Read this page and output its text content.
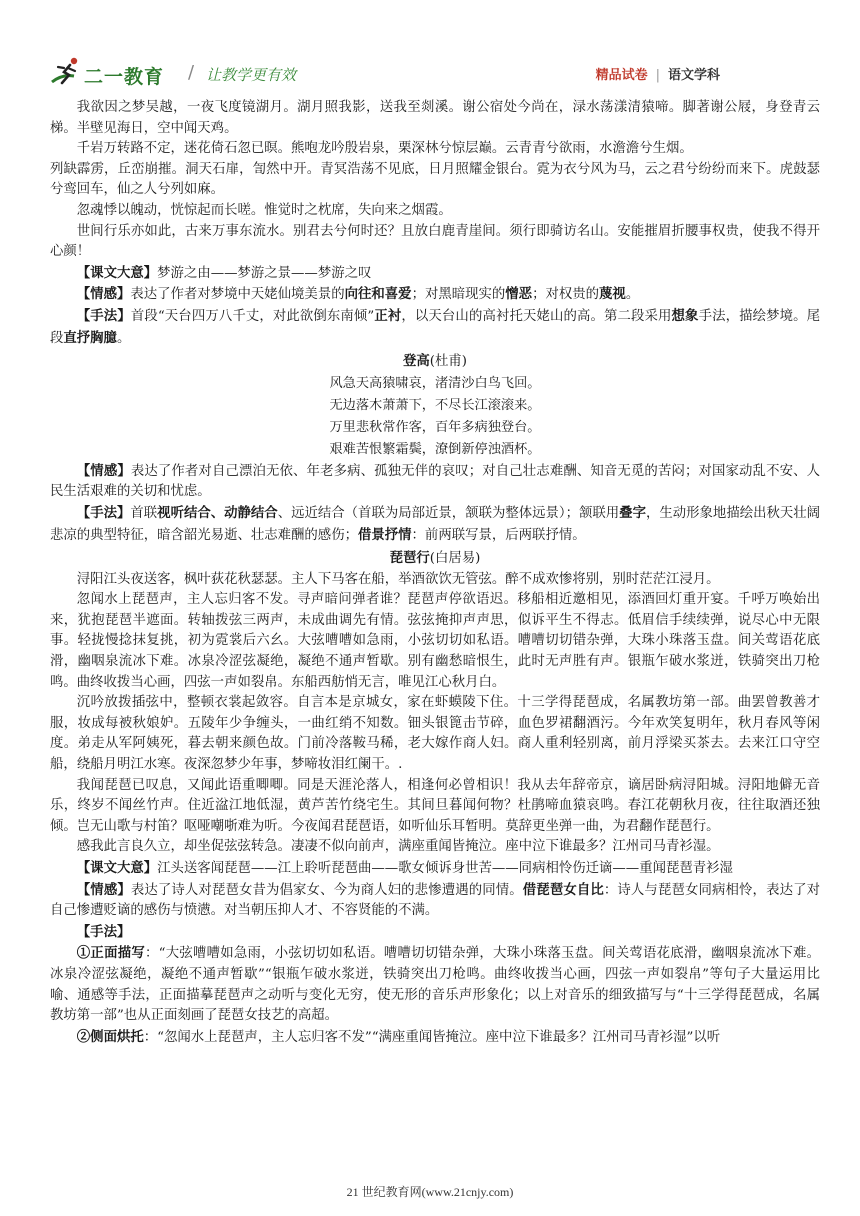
二一教育 / 让教学更有效	精品试卷 | 语文学科

我欲因之梦吴越，一夜飞度镜湖月。湖月照我影，送我至剡溪。谢公宿处今尚在，渌水荡漾清猿啼。脚著谢公屐，身登青云梯。半壁见海日，空中闻天鸡。

千岩万转路不定，迷花倚石忽已暝。熊咆龙吟殷岩泉，栗深林兮惊层巅。云青青兮欲雨，水澹澹兮生烟。

列缺霹雳，丘峦崩摧。洞天石扉，訇然中开。青冥浩荡不见底，日月照耀金银台。霓为衣兮风为马，云之君兮纷纷而来下。虎鼓瑟兮鸾回车，仙之人兮列如麻。

忽魂悸以魄动，恍惊起而长嗟。惟觉时之枕席，失向来之烟霞。

世间行乐亦如此，古来万事东流水。别君去兮何时还？且放白鹿青崖间。须行即骑访名山。安能摧眉折腰事权贵，使我不得开心颜！

【课文大意】梦游之由——梦游之景——梦游之叹

【情感】表达了作者对梦境中天姥仙境美景的向往和喜爱；对黑暗现实的憎恶；对权贵的蔑视。

【手法】首段“天台四万八千丈，对此欲倒东南倾”正衬，以天台山的高衬托天姥山的高。第二段采用想象手法，描绘梦境。尾段直抒胸臆。

登高(杜甫)

风急天高猿啸哀，渚清沙白鸟飞回。

无边落木萧萧下，不尽长江滚滚来。

万里悲秋常作客，百年多病独登台。

艰难苦恨繁霜鬓，潦倒新停浊酒杯。

【情感】表达了作者对自己漂泊无依、年老多病、孤独无伴的哀叹；对自己壮志难酬、知音无觅的苦闷；对国家动乱不安、人民生活艰难的关切和忧虑。

【手法】首联视听结合、动静结合、远近结合（首联为局部近景，颔联为整体远景）；颔联用叠字，生动形象地描绘出秋天壮阔悲凉的典型特征，暗含韶光易逝、壮志难酬的感伤；借景抒情：前两联写景，后两联抒情。

琵琶行(白居易)

浔阳江头夜送客，枫叶荻花秋瑟瑟。主人下马客在船，举酒欲饮无管弦。醉不成欢惨将别，别时茫茫江浸月。

忽闻水上琵琶声，主人忘归客不发。寻声暗问弹者谁？琵琶声停欲语迟。移船相近邀相见，添酒回灯重开宴。千呼万唤始出来，犹抱琵琶半遮面。转轴拨弦三两声，未成曲调先有情。弦弦掩抑声声思，似诉平生不得志。低眉信手续续弹，说尽心中无限事。轻拢慢捻抹复挑，初为霓裳后六幺。大弦嘈嘈如急雨，小弦切切如私语。嘈嘈切切错杂弹，大珠小珠落玉盘。间关莺语花底滑，幽咽泉流冰下难。冰泉冷涩弦凝绝，凝绝不通声暂歇。别有幽愁暗恨生，此时无声胜有声。银瓶乍破水浆迸，铁骑突出刀枪鸣。曲终收拨当心画，四弦一声如裂帛。东船西舫悄无言，唯见江心秋月白。

沉吟放拨插弦中，整顿衣裳起敛容。自言本是京城女，家在虾蟆陵下住。十三学得琵琶成，名属教坊第一部。曲罢曾教善才服，妆成每被秋娘妒。五陵年少争缠头，一曲红绡不知数。钿头银篦击节碎，血色罗裙翻酒污。今年欢笑复明年，秋月春风等闲度。弟走从军阿姨死，暮去朝来颜色故。门前冷落鞍马稀，老大嫁作商人妇。商人重利轻别离，前月浮梁买茶去。去来江口守空船，绕船月明江水寒。夜深忽梦少年事，梦啼妆泪红阑干。.

我闻琵琶已叹息，又闻此语重唧唧。同是天涯沦落人，相逢何必曾相识！我从去年辞帝京，谪居卧病浔阳城。浔阳地僻无音乐，终岁不闻丝竹声。住近湓江地低湿，黄芦苦竹绕宅生。其间旦暮闻何物？杜鹃啼血猿哀鸣。春江花朝秋月夜，往往取酒还独倾。岂无山歌与村笛？呕哑嘲哳难为听。今夜闻君琵琶语，如听仙乐耳暂明。莫辞更坐弹一曲，为君翻作琵琶行。

感我此言良久立，却坐促弦弦转急。凄凄不似向前声，满座重闻皆掩泣。座中泣下谁最多？江州司马青衫湿。

【课文大意】江头送客闻琵琶——江上聆听琵琶曲——歌女倾诉身世苦——同病相怜伤迁谪——重闻琵琶青衫湿

【情感】表达了诗人对琵琶女昔为倡家女、今为商人妇的悲惨遭遇的同情。借琵琶女自比：诗人与琵琶女同病相怜，表达了对自己惨遭贬谪的感伤与愤懑。对当朝压抑人才、不容贤能的不满。

【手法】

①正面描写：“大弦嘈嘈如急雨，小弦切切如私语。嘈嘈切切错杂弹，大珠小珠落玉盘。间关莺语花底滑，幽咽泉流冰下难。冰泉冷涩弦凝绝，凝绝不通声暂歇”“银瓶乍破水浆迸，铁骑突出刀枪鸣。曲终收拨当心画，四弦一声如裂帛”等句子大量运用比喻、通感等手法，正面描摹琵琶声之动听与变化无穷，使无形的音乐声形象化；以上对音乐的细致描写与“十三学得琵琶成，名属教坊第一部”也从正面刻画了琵琶女技艺的高超。

②侧面烘托：“忽闻水上琵琶声，主人忘归客不发”“满座重闻皆掩泣。座中泣下谁最多？江州司马青衫湿”以听

21 世纪教育网(www.21cnjy.com)
